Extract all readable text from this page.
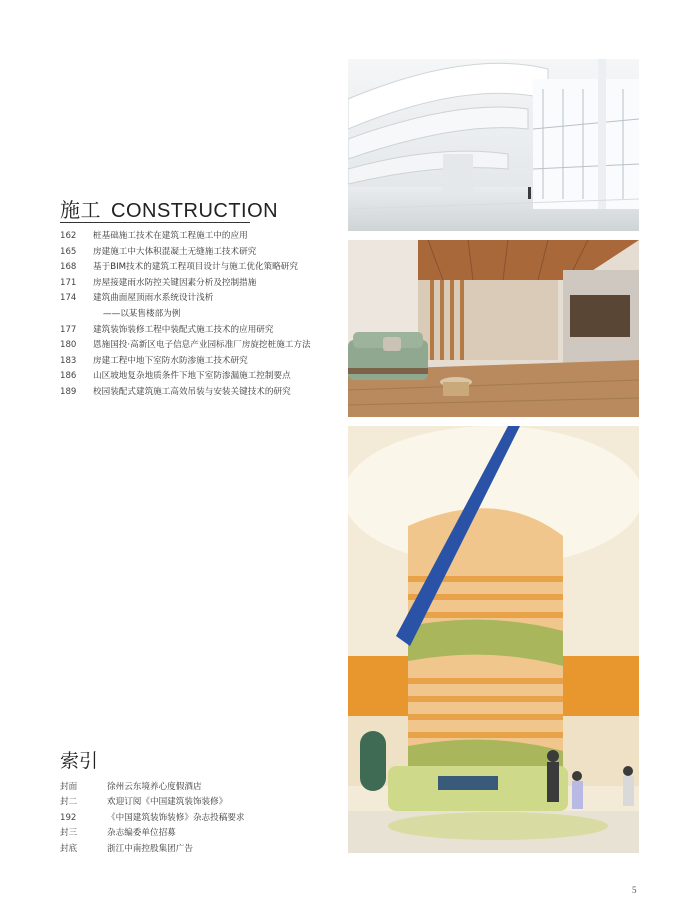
施工 CONSTRUCTION
162	桩基础施工技术在建筑工程施工中的应用
165	房建施工中大体积混凝土无缝施工技术研究
168	基于BIM技术的建筑工程项目设计与施工优化策略研究
171	房屋接建雨水防控关键因素分析及控制措施
174	建筑曲面屋顶雨水系统设计浅析
——以某售楼部为例
177	建筑装饰装修工程中装配式施工技术的应用研究
180	恩施国投·高新区电子信息产业园标准厂房旋挖桩施工方法
183	房建工程中地下室防水防渗施工技术研究
186	山区坡地复杂地质条件下地下室防渗漏施工控制要点
189	校园装配式建筑施工高效吊装与安装关键技术的研究
索引
封面	徐州云东境养心度假酒店
封二	欢迎订阅《中国建筑装饰装修》
192	《中国建筑装饰装修》杂志投稿要求
封三	杂志编委单位招募
封底	浙江中南控股集团广告
5
